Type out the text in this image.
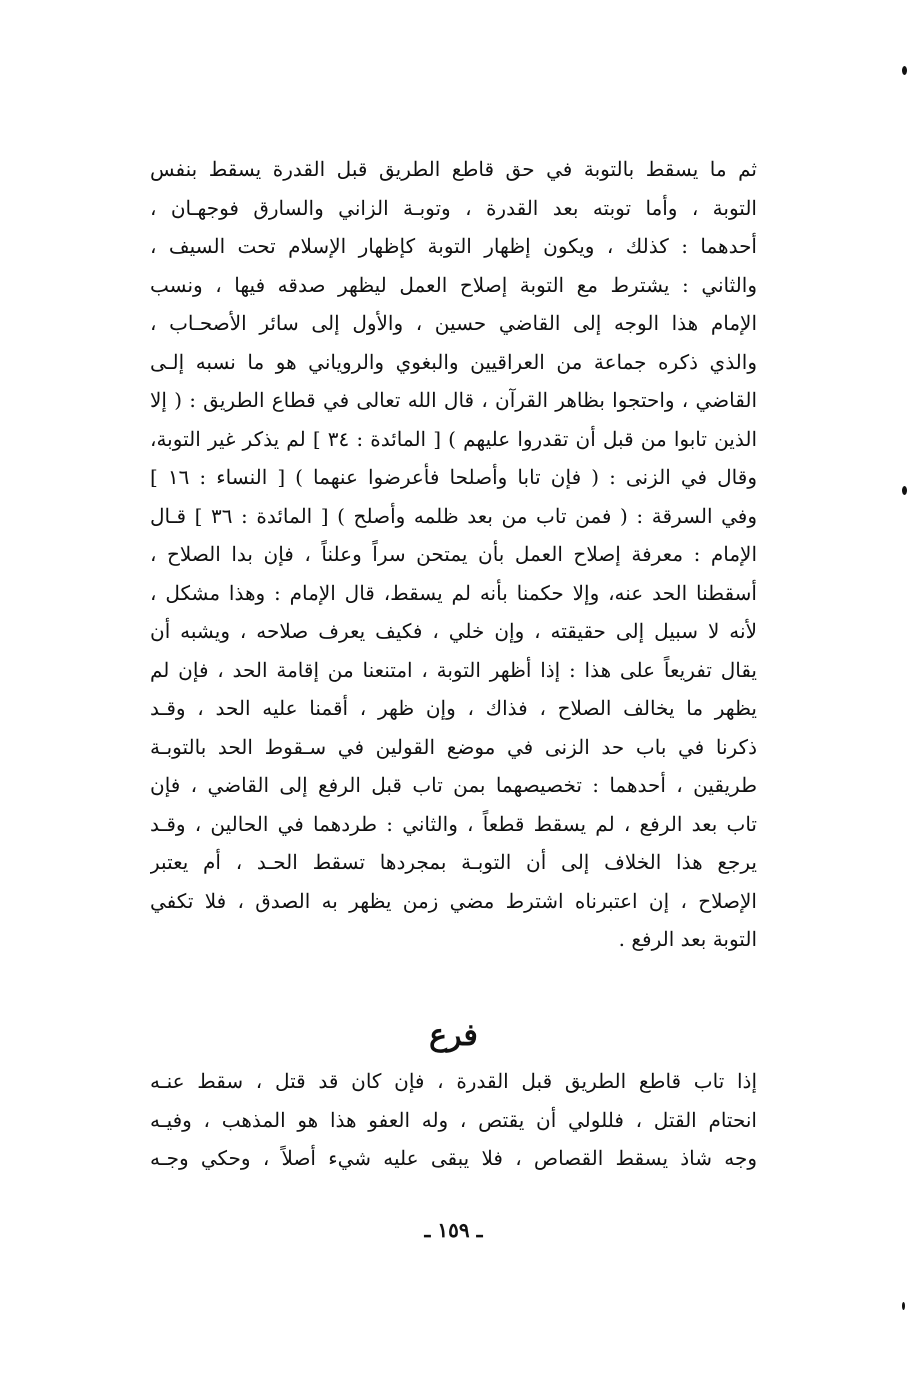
ثم ما يسقط بالتوبة في حق قاطع الطريق قبل القدرة يسقط بنفس
التوبة ، وأما توبته بعد القدرة ، وتوبـة الزاني والسارق فوجهـان ،
أحدهما : كذلك ، ويكون إظهار التوبة كإظهار الإسلام تحت السيف ،
والثاني : يشترط مع التوبة إصلاح العمل ليظهر صدقه فيها ، ونسب
الإمام هذا الوجه إلى القاضي حسين ، والأول إلى سائر الأصحـاب ،
والذي ذكره جماعة من العراقيين والبغوي والروياني هو ما نسبه إلـى
القاضي ، واحتجوا بظاهر القرآن ، قال الله تعالى في قطاع الطريق : ( إلا
الذين تابوا من قبل أن تقدروا عليهم ) [ المائدة : ٣٤ ] لم يذكر غير التوبة،
وقال في الزنى : ( فإن تابا وأصلحا فأعرضوا عنهما ) [ النساء : ١٦ ]
وفي السرقة : ( فمن تاب من بعد ظلمه وأصلح ) [ المائدة : ٣٦ ] قـال
الإمام : معرفة إصلاح العمل بأن يمتحن سراً وعلناً ، فإن بدا الصلاح ،
أسقطنا الحد عنه، وإلا حكمنا بأنه لم يسقط، قال الإمام : وهذا مشكل ،
لأنه لا سبيل إلى حقيقته ، وإن خلي ، فكيف يعرف صلاحه ، ويشبه أن
يقال تفريعاً على هذا : إذا أظهر التوبة ، امتنعنا من إقامة الحد ، فإن لم
يظهر ما يخالف الصلاح ، فذاك ، وإن ظهر ، أقمنا عليه الحد ، وقـد
ذكرنا في باب حد الزنى في موضع القولين في سـقوط الحد بالتوبـة
طريقين ، أحدهما : تخصيصهما بمن تاب قبل الرفع إلى القاضي ، فإن
تاب بعد الرفع ، لم يسقط قطعاً ، والثاني : طردهما في الحالين ، وقـد
يرجع هذا الخلاف إلى أن التوبـة بمجردها تسقط الحـد ، أم يعتبر
الإصلاح ، إن اعتبرناه اشترط مضي زمن يظهر به الصدق ، فلا تكفي
التوبة بعد الرفع .
فرع
إذا تاب قاطع الطريق قبل القدرة ، فإن كان قد قتل ، سقط عنـه
انحتام القتل ، فللولي أن يقتص ، وله العفو هذا هو المذهب ، وفيـه
وجه شاذ يسقط القصاص ، فلا يبقى عليه شيء أصلاً ، وحكي وجـه
ـ ١٥٩ ـ
